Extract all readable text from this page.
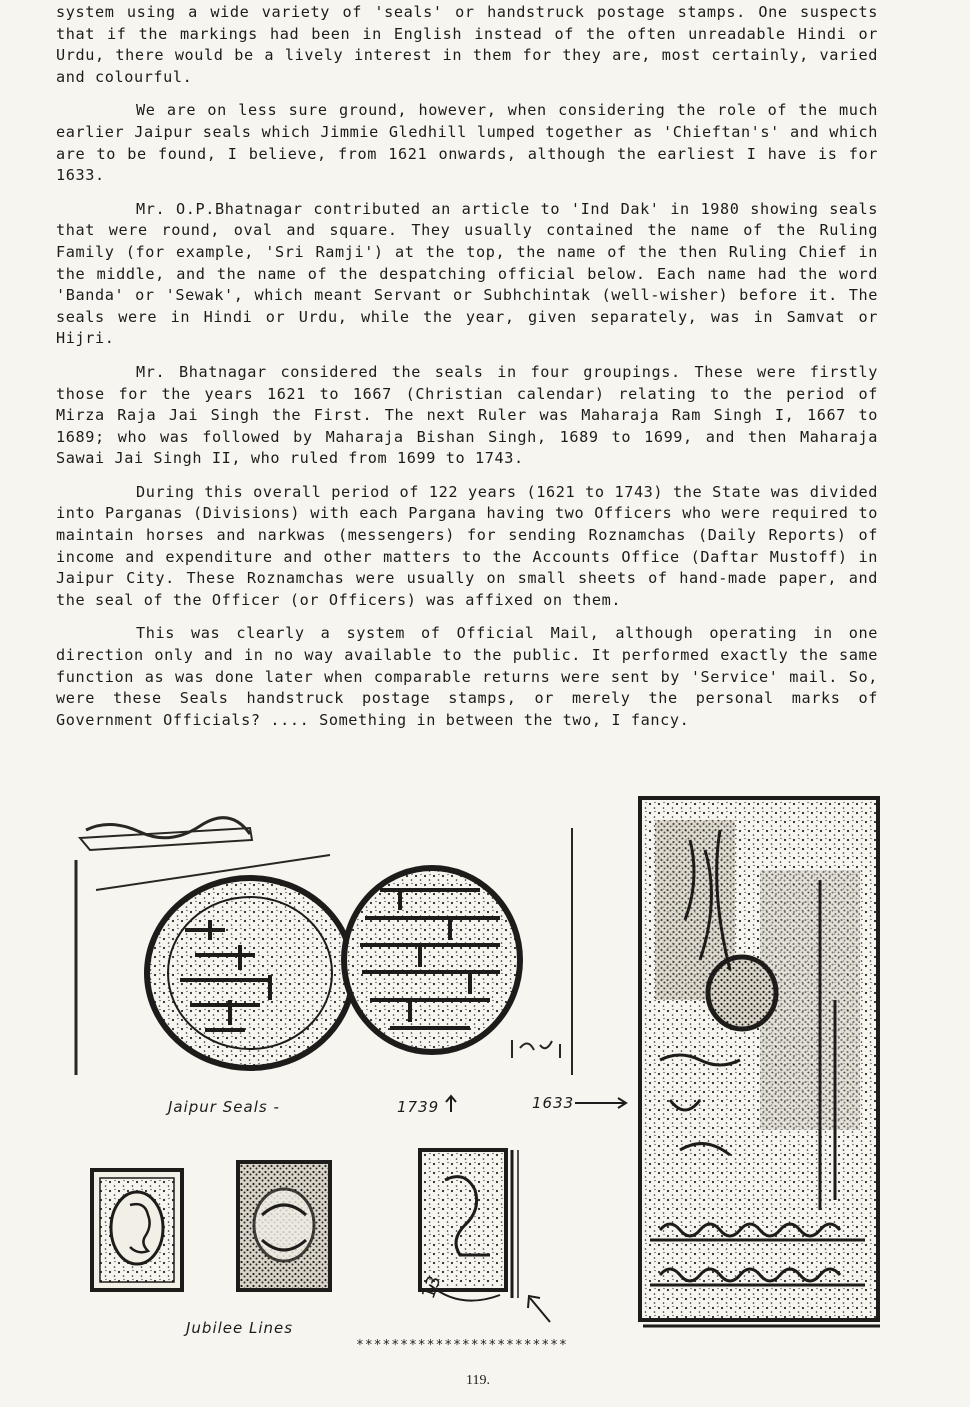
system using a wide variety of 'seals' or handstruck postage stamps. One suspects that if the markings had been in English instead of the often unreadable Hindi or Urdu, there would be a lively interest in them for they are, most certainly, varied and colourful.

We are on less sure ground, however, when considering the role of the much earlier Jaipur seals which Jimmie Gledhill lumped together as 'Chieftan's' and which are to be found, I believe, from 1621 onwards, although the earliest I have is for 1633.

Mr. O.P.Bhatnagar contributed an article to 'Ind Dak' in 1980 showing seals that were round, oval and square. They usually contained the name of the Ruling Family (for example, 'Sri Ramji') at the top, the name of the then Ruling Chief in the middle, and the name of the despatching official below. Each name had the word 'Banda' or 'Sewak', which meant Servant or Subhchintak (well-wisher) before it. The seals were in Hindi or Urdu, while the year, given separately, was in Samvat or Hijri.

Mr. Bhatnagar considered the seals in four groupings. These were firstly those for the years 1621 to 1667 (Christian calendar) relating to the period of Mirza Raja Jai Singh the First. The next Ruler was Maharaja Ram Singh I, 1667 to 1689; who was followed by Maharaja Bishan Singh, 1689 to 1699, and then Maharaja Sawai Jai Singh II, who ruled from 1699 to 1743.

During this overall period of 122 years (1621 to 1743) the State was divided into Parganas (Divisions) with each Pargana having two Officers who were required to maintain horses and narkwas (messengers) for sending Roznamchas (Daily Reports) of income and expenditure and other matters to the Accounts Office (Daftar Mustoff) in Jaipur City. These Roznamchas were usually on small sheets of hand-made paper, and the seal of the Officer (or Officers) was affixed on them.

This was clearly a system of Official Mail, although operating in one direction only and in no way available to the public. It performed exactly the same function as was done later when comparable returns were sent by 'Service' mail. So, were these Seals handstruck postage stamps, or merely the personal marks of Government Officials? .... Something in between the two, I fancy.

13
Jaipur Seals -	1739	1633
Jubilee Lines
************************
119.
